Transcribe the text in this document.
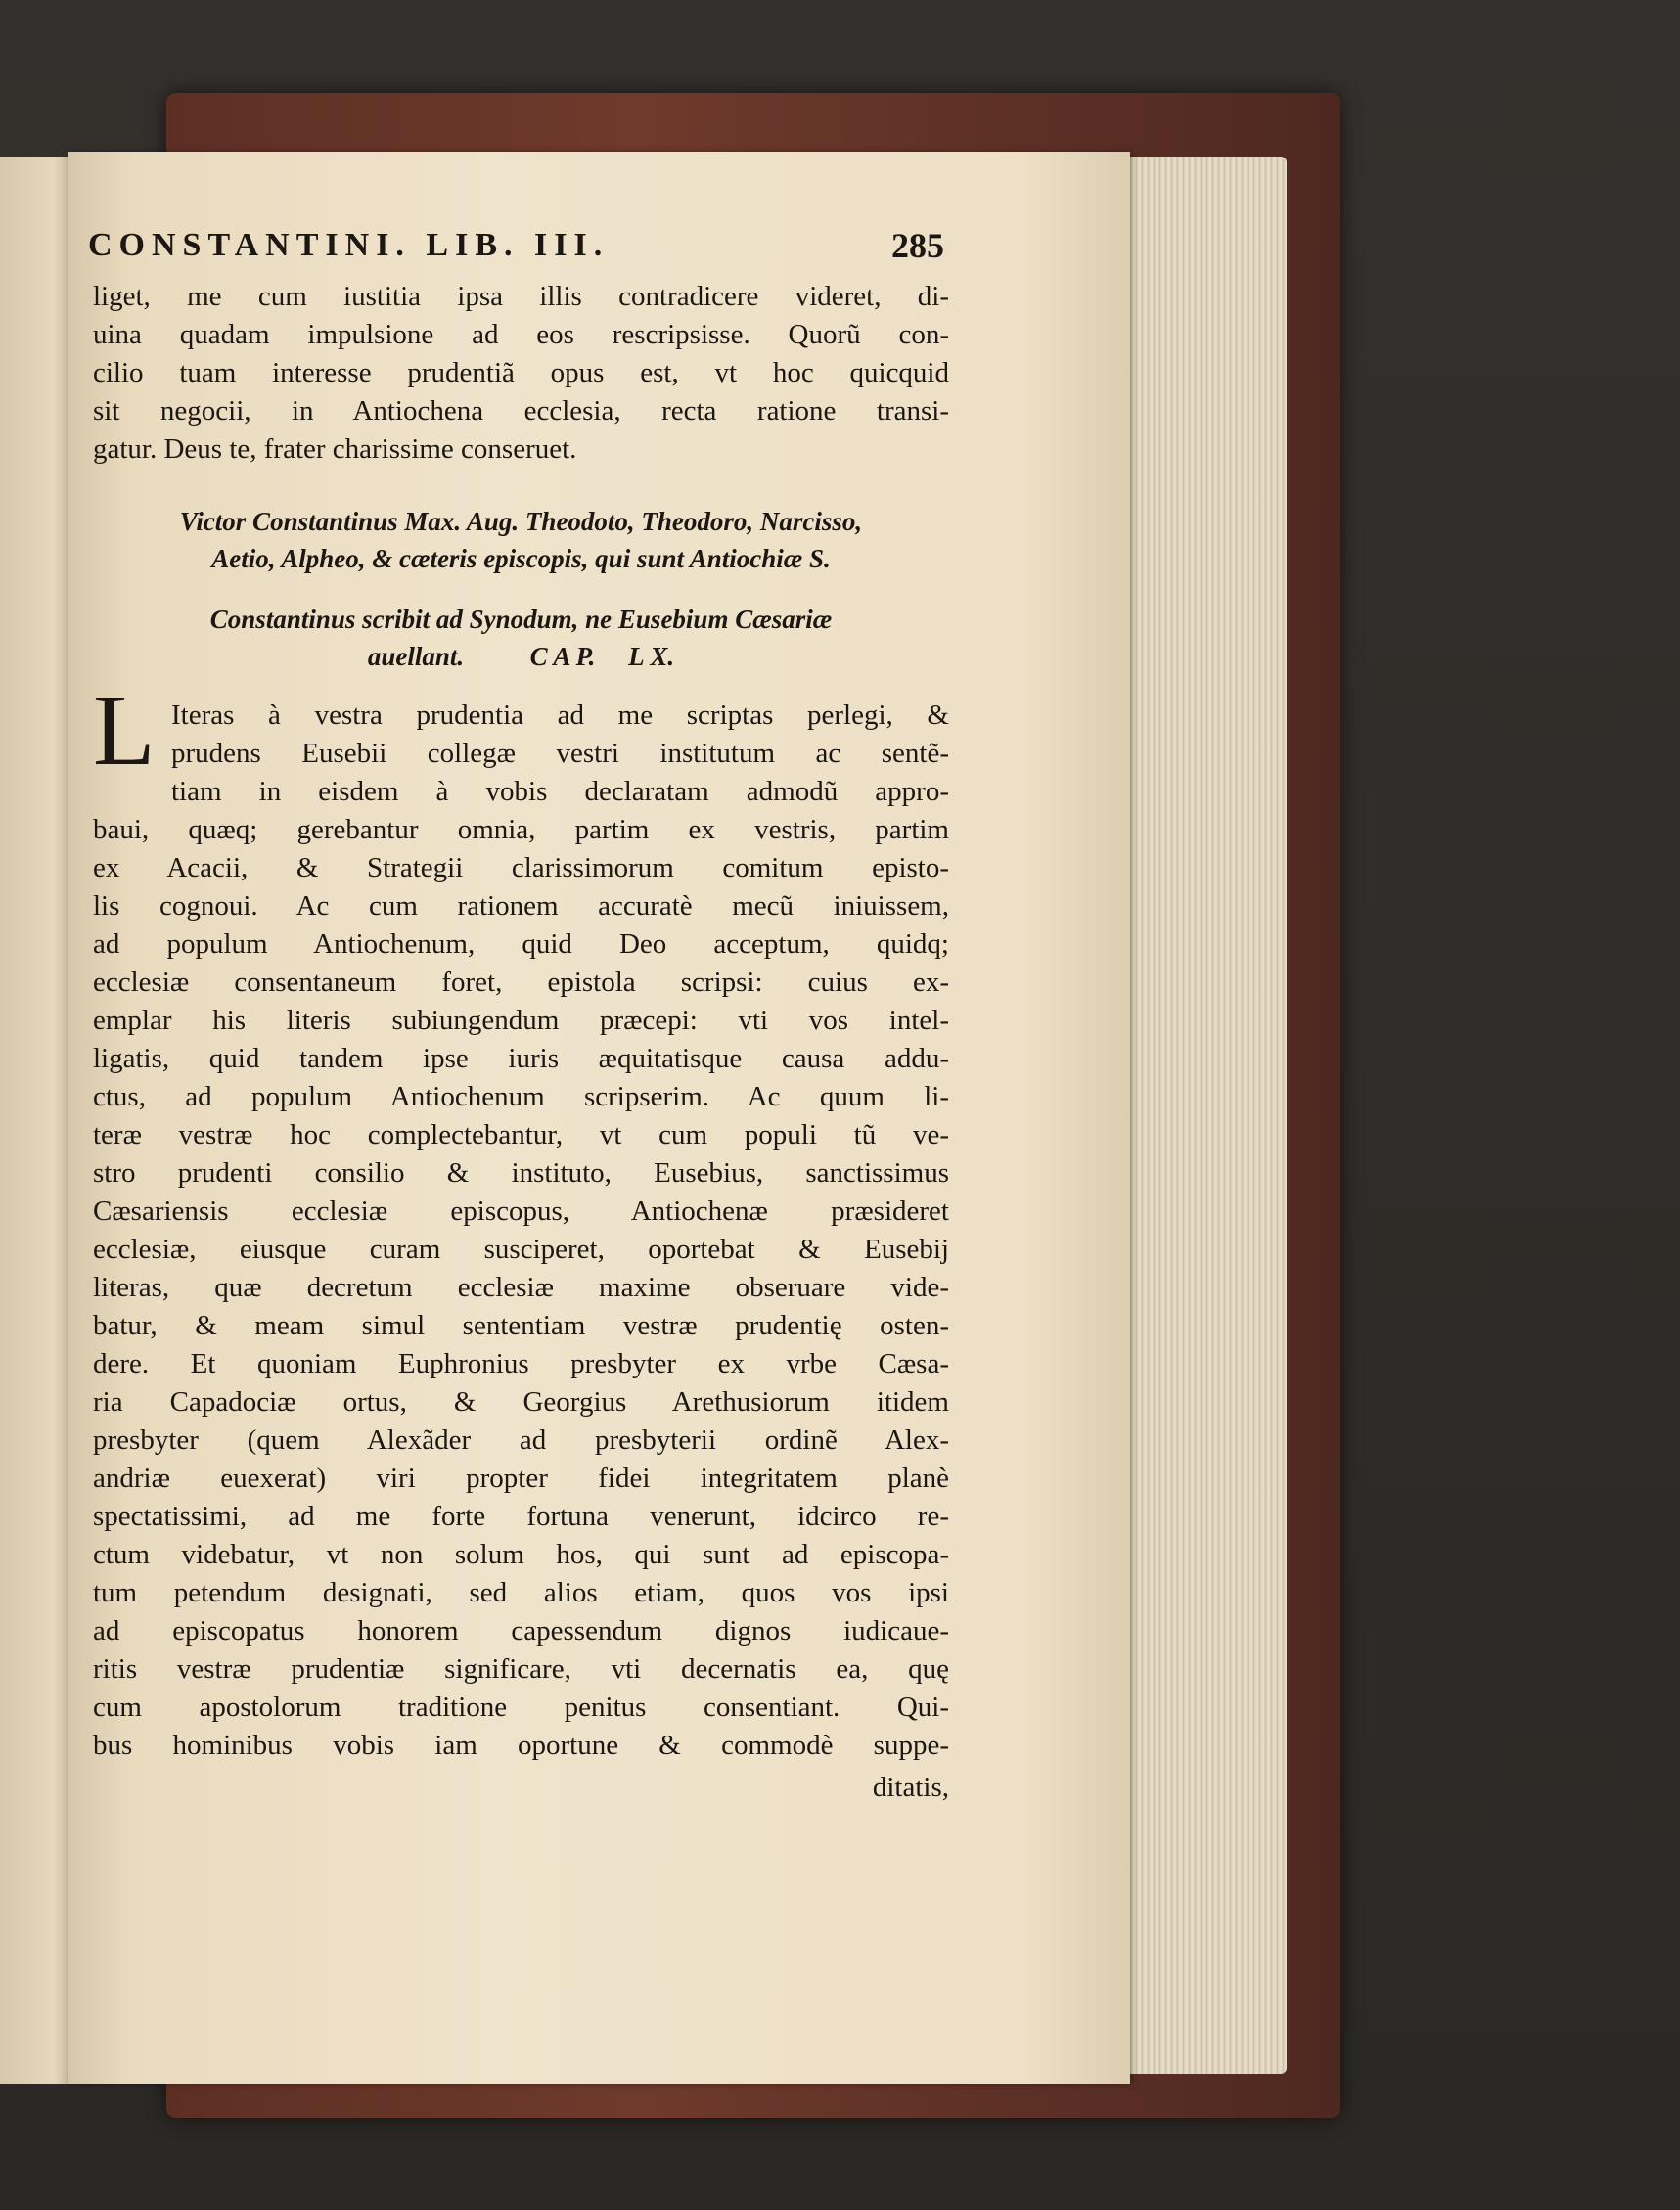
CONSTANTINI. LIB. III.	285
liget, me cum iustitia ipsa illis contradicere videret, di-
uina quadam impulsione ad eos rescripsisse. Quorũ con-
cilio tuam interesse prudentiã opus est, vt hoc quicquid
sit negocii, in Antiochena ecclesia, recta ratione transi-
gatur. Deus te, frater charissime conseruet.
Victor Constantinus Max. Aug. Theodoto, Theodoro, Narcisso,
Aetio, Alpheo, & cæteris episcopis, qui sunt Antiochiæ S.
Constantinus scribit ad Synodum, ne Eusebium Cæsariæ
auellant.          C A P.     L X.
L Iteras à vestra prudentia ad me scriptas perlegi, &
prudens Eusebii collegæ vestri institutum ac sentẽ-
tiam in eisdem à vobis declaratam admodũ appro-
baui, quæq; gerebantur omnia, partim ex vestris, partim
ex Acacii, & Strategii clarissimorum comitum episto-
lis cognoui. Ac cum rationem accuratè mecũ iniuissem,
ad populum Antiochenum, quid Deo acceptum, quidq;
ecclesiæ consentaneum foret, epistola scripsi: cuius ex-
emplar his literis subiungendum præcepi: vti vos intel-
ligatis, quid tandem ipse iuris æquitatisque causa addu-
ctus, ad populum Antiochenum scripserim. Ac quum li-
teræ vestræ hoc complectebantur, vt cum populi tũ ve-
stro prudenti consilio & instituto, Eusebius, sanctissimus
Cæsariensis ecclesiæ episcopus, Antiochenæ præsideret
ecclesiæ, eiusque curam susciperet, oportebat & Eusebij
literas, quæ decretum ecclesiæ maxime obseruare vide-
batur, & meam simul sententiam vestræ prudentię osten-
dere. Et quoniam Euphronius presbyter ex vrbe Cæsa-
ria Capadociæ ortus, & Georgius Arethusiorum itidem
presbyter (quem Alexãder ad presbyterii ordinẽ Alex-
andriæ euexerat) viri propter fidei integritatem planè
spectatissimi, ad me forte fortuna venerunt, idcirco re-
ctum videbatur, vt non solum hos, qui sunt ad episcopa-
tum petendum designati, sed alios etiam, quos vos ipsi
ad episcopatus honorem capessendum dignos iudicaue-
ritis vestræ prudentiæ significare, vti decernatis ea, quę
cum apostolorum traditione penitus consentiant. Qui-
bus hominibus vobis iam oportune & commodè suppe-
ditatis,
